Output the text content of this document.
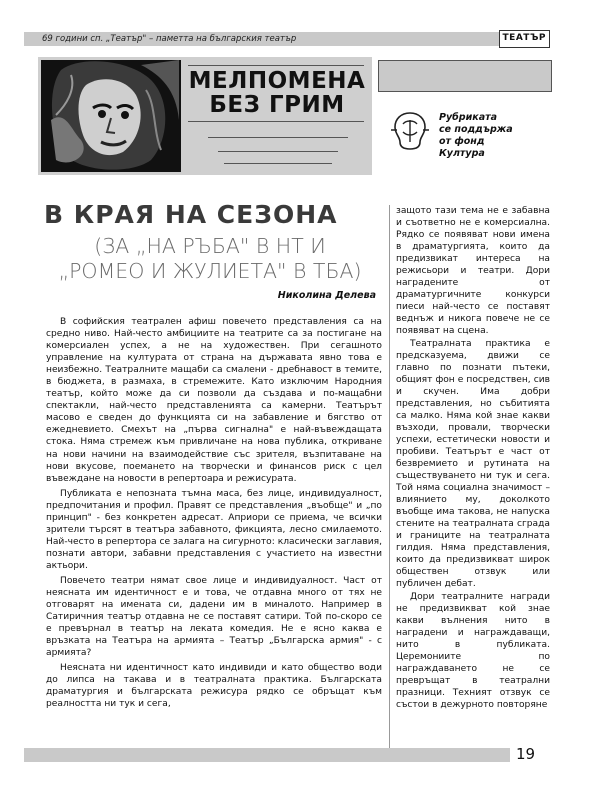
69 години сп. „Театър" – паметта на българския театър	ТЕАТЪР
МЕЛПОМЕНА
БЕЗ ГРИМ	Рубриката
се поддържа
от фонд
Култура
В КРАЯ НА СЕЗОНА
(ЗА „НА РЪБА" В НТ И
„РОМЕО И ЖУЛИЕТА" В ТБА)
Николина Делева

В софийския театрален афиш повечето представления са на средно ниво. Най-често амбициите на театрите са за постигане на комерсиален успех, а не на художествен. При сегашното управление на културата от страна на държавата явно това е неизбежно. Театралните мащаби са смалени - дребнавост в темите, в бюджета, в размаха, в стремежите. Като изключим Народния театър, който може да си позволи да създава и по-мащабни спектакли, най-често представленията са камерни. Театърът масово е сведен до функцията си на забавление и бягство от ежедневието. Смехът на „първа сигнална" е най-въвеждащата стока. Няма стремеж към привличане на нова публика, откриване на нови начини на взаимодействие със зрителя, възпитаване на нови вкусове, поемането на творчески и финансов риск с цел въвеждане на новости в репертоара и режисурата.

Публиката е непозната тъмна маса, без лице, индивидуалност, предпочитания и профил. Правят се представления „въобще" и „по принцип" - без конкретен адресат. Априори се приема, че всички зрители търсят в театъра забавното, фикцията, лесно смилаемото. Най-често в репертора се залага на сигурното: класически заглавия, познати автори, забавни представления с участието на известни актьори.

Повечето театри нямат свое лице и индивидуалност. Част от неясната им идентичност е и това, че отдавна много от тях не отговарят на имената си, дадени им в миналото. Например в Сатиричния театър отдавна не се поставят сатири. Той по-скоро се е превърнал в театър на леката комедия. Не е ясно каква е връзката на Театъра на армията – Театър „Българска армия" - с армията?

Неясната ни идентичност като индивиди и като общество води до липса на такава и в театралната практика. Българската драматургия и българската режисура рядко се обръщат към реалността ни тук и сега,

защото тази тема не е забавна и съответно не е комерсиална. Рядко се появяват нови имена в драматургията, които да предизвикат интереса на режисьори и театри. Дори наградените от драматургичните конкурси пиеси най-често се поставят веднъж и никога повече не се появяват на сцена.

Театралната практика е предсказуема, движи се главно по познати пътеки, общият фон е посредствен, сив и скучен. Има добри представления, но събитията са малко. Няма кой знае какви възходи, провали, творчески успехи, естетически новости и пробиви. Театърът е част от безвремието и рутината на съществуването ни тук и сега. Той няма социална значимост – влиянието му, доколкото въобще има такова, не напуска стените на театралната сграда и границите на театралната гилдия. Няма представления, които да предизвикват широк обществен отзвук или публичен дебат.

Дори театралните награди не предизвикват кой знае какви вълнения нито в наградени и награждаващи, нито в публиката. Церемониите по награждаването не се превръщат в театрални празници. Техният отзвук се състои в дежурното повторяне

19
